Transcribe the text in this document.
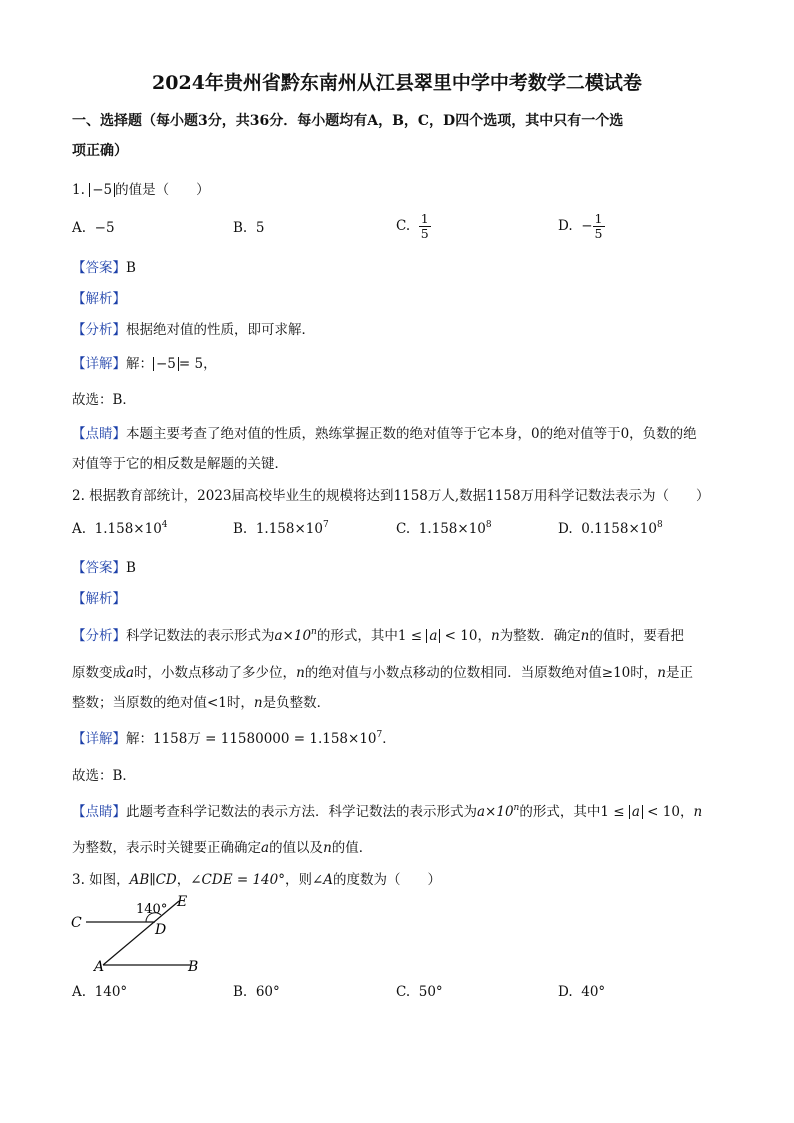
2024年贵州省黔东南州从江县翠里中学中考数学二模试卷
一、选择题（每小题3分，共36分．每小题均有A，B，C，D四个选项，其中只有一个选
项正确）
1. −5 的值是（　　）
A. −5	B. 5	C. $\frac{1}{5}$	D. − $\frac{1}{5}$
【答案】B
【解析】
【分析】根据绝对值的性质，即可求解．
【详解】解： −5 = 5，
故选：B．
【点睛】本题主要考查了绝对值的性质，熟练掌握正数的绝对值等于它本身，0的绝对值等于0，负数的绝
对值等于它的相反数是解题的关键．
2. 根据教育部统计，2023届高校毕业生的规模将达到1158万人,数据1158万用科学记数法表示为（　　）
A. $1.158\times 10^4$	B. $1.158\times 10^7$	C. $1.158\times 10^8$	D. $0.1158\times 10^8$
【答案】B
【解析】
【分析】科学记数法的表示形式为$a\times 10^n$的形式，其中1 ≤ a < 10，n为整数．确定n的值时，要看把
原数变成a时，小数点移动了多少位，n的绝对值与小数点移动的位数相同．当原数绝对值≥10时，n是正
整数；当原数的绝对值<1时，n是负整数．
【详解】解：1158万 = $11580000 = 1.158\times 10^7$．
故选：B．
【点睛】此题考查科学记数法的表示方法．科学记数法的表示形式为$a\times 10^n$的形式，其中1 ≤ a < 10，n
为整数，表示时关键要正确确定a的值以及n的值．
3. 如图，AB∥CD，∠CDE = 140°，则∠A的度数为（　　）
140°
C	D
E
A	B
A. 140°	B. 60°	C. 50°	D. 40°
